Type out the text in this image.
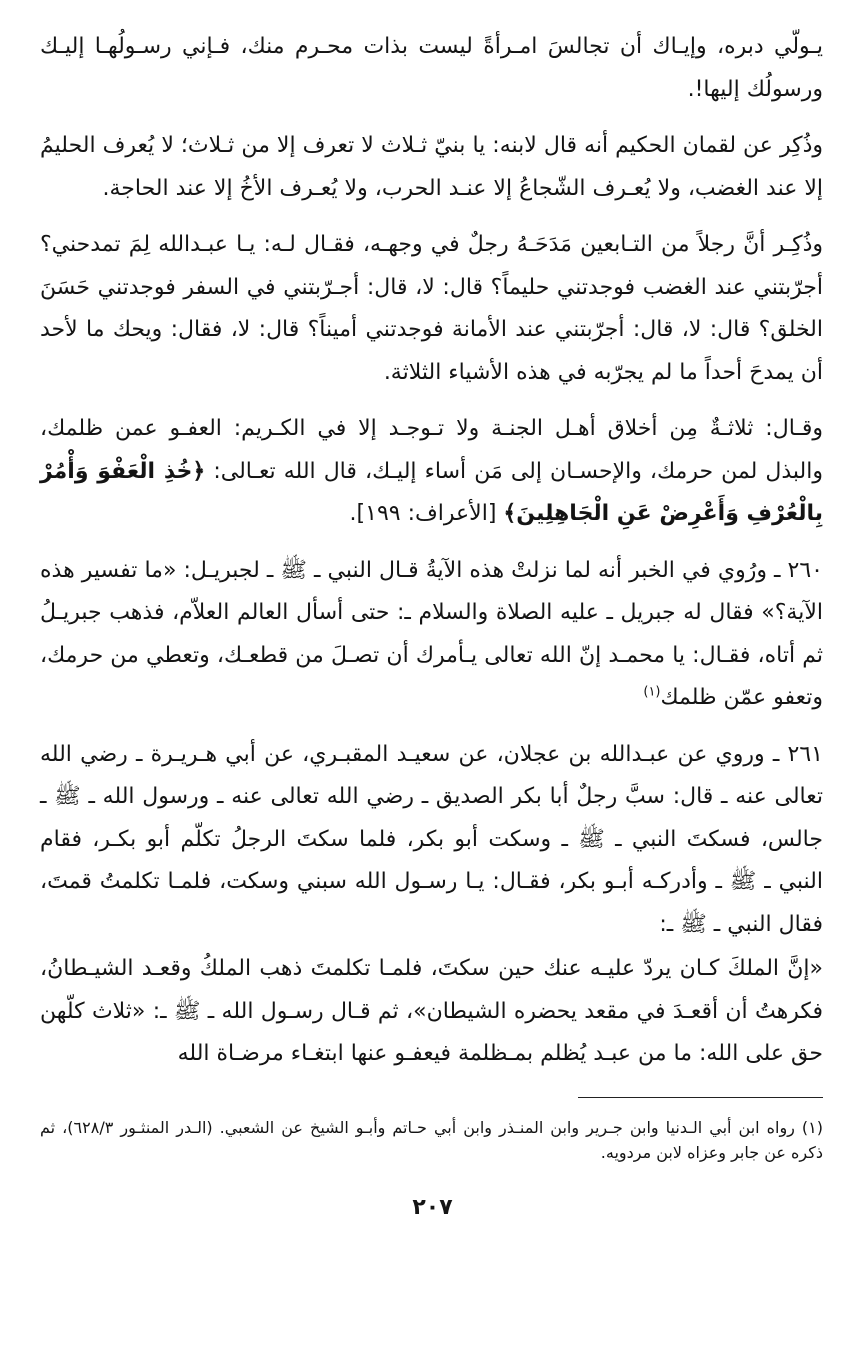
يـولّي دبره، وإيـاك أن تجالسَ امـرأةً ليست بذات محـرم منك، فـإني رسـولُهـا إليـك ورسولُك إليها!.

وذُكِر عن لقمان الحكيم أنه قال لابنه: يا بنيّ ثـلاث لا تعرف إلا من ثـلاث؛ لا يُعرف الحليمُ إلا عند الغضب، ولا يُعـرف الشّجاعُ إلا عنـد الحرب، ولا يُعـرف الأخُ إلا عند الحاجة.

وذُكِـر أنَّ رجلاً من التـابعين مَدَحَـهُ رجلٌ في وجهـه، فقـال لـه: يـا عبـدالله لِمَ تمدحني؟ أجرّبتني عند الغضب فوجدتني حليماً؟ قال: لا، قال: أجـرّبتني في السفر فوجدتني حَسَنَ الخلق؟ قال: لا، قال: أجرّبتني عند الأمانة فوجدتني أميناً؟ قال: لا، فقال: ويحك ما لأحد أن يمدحَ أحداً ما لم يجرّبه في هذه الأشياء الثلاثة.

وقـال: ثلاثـةٌ مِن أخلاق أهـل الجنـة ولا تـوجـد إلا في الكـريم: العفـو عمن ظلمك، والبذل لمن حرمك، والإحسـان إلى مَن أساء إليـك، قال الله تعـالى: ﴿خُذِ الْعَفْوَ وَأْمُرْ بِالْعُرْفِ وَأَعْرِضْ عَنِ الْجَاهِلِينَ﴾ [الأعراف: ١٩٩].

٢٦٠ ـ ورُوي في الخبر أنه لما نزلتْ هذه الآيةُ قـال النبي ـ ﷺ ـ لجبريـل: «ما تفسير هذه الآية؟» فقال له جبريل ـ عليه الصلاة والسلام ـ: حتى أسأل العالم العلاّم، فذهب جبريـلُ ثم أتاه، فقـال: يا محمـد إنّ الله تعالى يـأمرك أن تصـلَ من قطعـك، وتعطي من حرمك، وتعفو عمّن ظلمك$^{(١)}$

٢٦١ ـ وروي عن عبـدالله بن عجلان، عن سعيـد المقبـري، عن أبي هـريـرة ـ رضي الله تعالى عنه ـ قال: سبَّ رجلٌ أبا بكر الصديق ـ رضي الله تعالى عنه ـ ورسول الله ـ ﷺ ـ جالس، فسكتَ النبي ـ ﷺ ـ وسكت أبو بكر، فلما سكتَ الرجلُ تكلّم أبو بكـر، فقام النبي ـ ﷺ ـ وأدركـه أبـو بكر، فقـال: يـا رسـول الله سبني وسكت، فلمـا تكلمتُ قمتَ، فقال النبي ـ ﷺ ـ:

«إنَّ الملكَ كـان يردّ عليـه عنك حين سكتَ، فلمـا تكلمتَ ذهب الملكُ وقعـد الشيـطانُ، فكرهتُ أن أقعـدَ في مقعد يحضره الشيطان»، ثم قـال رسـول الله ـ ﷺ ـ: «ثلاث كلّهن حق على الله: ما من عبـد يُظلم بمـظلمة فيعفـو عنها ابتغـاء مرضـاة الله

(١) رواه ابن أبي الـدنيا وابن جـرير وابن المنـذر وابن أبي حـاتم وأبـو الشيخ عن الشعبي. (الـدر المنثـور ٦٢٨/٣)، ثم ذكره عن جابر وعزاه لابن مردويه.

٢٠٧
